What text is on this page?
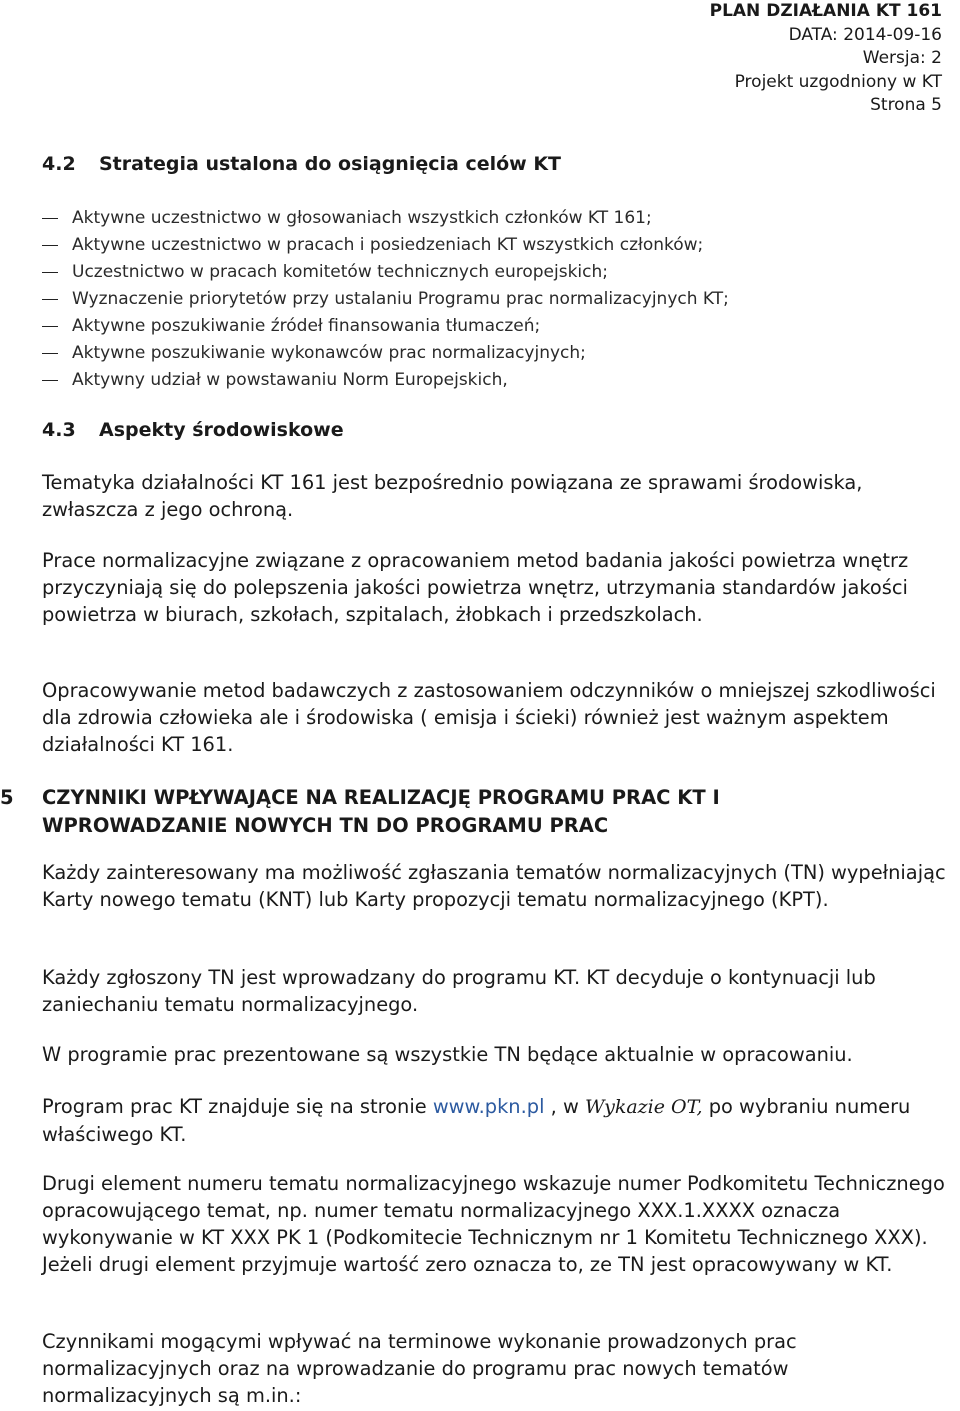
PLAN DZIAŁANIA KT 161
DATA: 2014-09-16
Wersja: 2
Projekt uzgodniony w KT
Strona 5
4.2 Strategia ustalona do osiągnięcia celów KT
Aktywne uczestnictwo w głosowaniach wszystkich członków KT 161;
Aktywne uczestnictwo w pracach i posiedzeniach KT wszystkich członków;
Uczestnictwo w pracach komitetów technicznych europejskich;
Wyznaczenie priorytetów przy ustalaniu Programu prac normalizacyjnych KT;
Aktywne poszukiwanie źródeł finansowania tłumaczeń;
Aktywne poszukiwanie wykonawców prac normalizacyjnych;
Aktywny udział w powstawaniu Norm Europejskich,
4.3 Aspekty środowiskowe

Tematyka działalności KT 161 jest bezpośrednio powiązana ze sprawami środowiska, zwłaszcza z jego ochroną.

Prace normalizacyjne związane z opracowaniem metod badania jakości powietrza wnętrz przyczyniają się do polepszenia jakości powietrza wnętrz, utrzymania standardów jakości powietrza w biurach, szkołach, szpitalach, żłobkach i przedszkolach.

Opracowywanie metod badawczych z zastosowaniem odczynników o mniejszej szkodliwości dla zdrowia człowieka ale i środowiska ( emisja i ścieki) również jest ważnym aspektem działalności KT 161.

5 CZYNNIKI WPŁYWAJĄCE NA REALIZACJĘ PROGRAMU PRAC KT I WPROWADZANIE NOWYCH TN DO PROGRAMU PRAC

Każdy zainteresowany ma możliwość zgłaszania tematów normalizacyjnych (TN) wypełniając Karty nowego tematu (KNT) lub Karty propozycji tematu normalizacyjnego (KPT).

Każdy zgłoszony TN jest wprowadzany do programu KT. KT decyduje o kontynuacji lub zaniechaniu tematu normalizacyjnego.

W programie prac prezentowane są wszystkie TN będące aktualnie w opracowaniu.

Program prac KT znajduje się na stronie www.pkn.pl , w Wykazie OT, po wybraniu numeru właściwego KT.

Drugi element numeru tematu normalizacyjnego wskazuje numer Podkomitetu Technicznego opracowującego temat, np. numer tematu normalizacyjnego XXX.1.XXXX oznacza wykonywanie w KT XXX PK 1 (Podkomitecie Technicznym nr 1 Komitetu Technicznego XXX). Jeżeli drugi element przyjmuje wartość zero oznacza to, ze TN jest opracowywany w KT.

Czynnikami mogącymi wpływać na terminowe wykonanie prowadzonych prac normalizacyjnych oraz na wprowadzanie do programu prac nowych tematów normalizacyjnych są m.in.:
